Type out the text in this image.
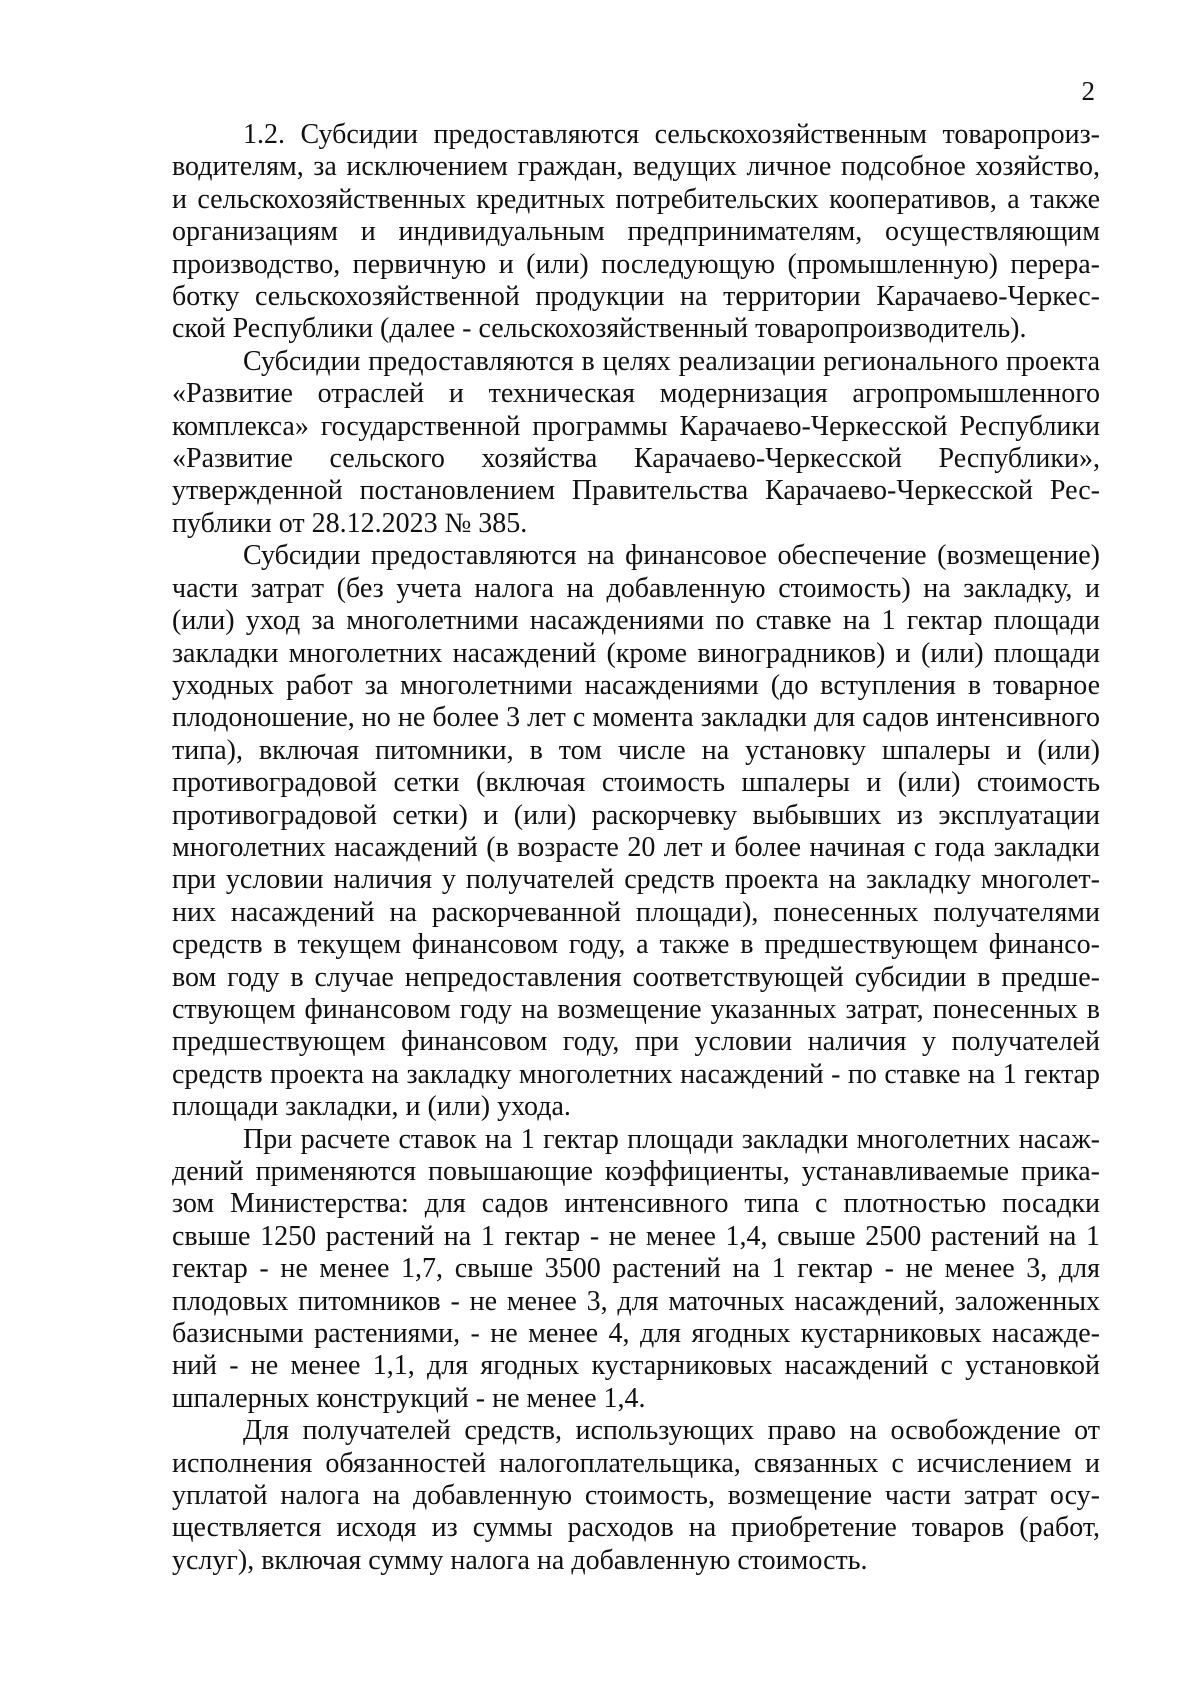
2

1.2. Субсидии предоставляются сельскохозяйственным товаропроизводителям, за исключением граждан, ведущих личное подсобное хозяйство, и сельскохозяйственных кредитных потребительских кооперативов, а также организациям и индивидуальным предпринимателям, осуществляющим производство, первичную и (или) последующую (промышленную) переработку сельскохозяйственной продукции на территории Карачаево-Черкесской Республики (далее - сельскохозяйственный товаропроизводитель).

Субсидии предоставляются в целях реализации регионального проекта «Развитие отраслей и техническая модернизация агропромышленного комплекса» государственной программы Карачаево-Черкесской Республики «Развитие сельского хозяйства Карачаево-Черкесской Республики», утвержденной постановлением Правительства Карачаево-Черкесской Республики от 28.12.2023 № 385.

Субсидии предоставляются на финансовое обеспечение (возмещение) части затрат (без учета налога на добавленную стоимость) на закладку, и (или) уход за многолетними насаждениями по ставке на 1 гектар площади закладки многолетних насаждений (кроме виноградников) и (или) площади уходных работ за многолетними насаждениями (до вступления в товарное плодоношение, но не более 3 лет с момента закладки для садов интенсивного типа), включая питомники, в том числе на установку шпалеры и (или) противоградовой сетки (включая стоимость шпалеры и (или) стоимость противоградовой сетки) и (или) раскорчевку выбывших из эксплуатации многолетних насаждений (в возрасте 20 лет и более начиная с года закладки при условии наличия у получателей средств проекта на закладку многолетних насаждений на раскорчеванной площади), понесенных получателями средств в текущем финансовом году, а также в предшествующем финансовом году в случае непредоставления соответствующей субсидии в предшествующем финансовом году на возмещение указанных затрат, понесенных в предшествующем финансовом году, при условии наличия у получателей средств проекта на закладку многолетних насаждений - по ставке на 1 гектар площади закладки, и (или) ухода.

При расчете ставок на 1 гектар площади закладки многолетних насаждений применяются повышающие коэффициенты, устанавливаемые приказом Министерства: для садов интенсивного типа с плотностью посадки свыше 1250 растений на 1 гектар - не менее 1,4, свыше 2500 растений на 1 гектар - не менее 1,7, свыше 3500 растений на 1 гектар - не менее 3, для плодовых питомников - не менее 3, для маточных насаждений, заложенных базисными растениями, - не менее 4, для ягодных кустарниковых насаждений - не менее 1,1, для ягодных кустарниковых насаждений с установкой шпалерных конструкций - не менее 1,4.

Для получателей средств, использующих право на освобождение от исполнения обязанностей налогоплательщика, связанных с исчислением и уплатой налога на добавленную стоимость, возмещение части затрат осуществляется исходя из суммы расходов на приобретение товаров (работ, услуг), включая сумму налога на добавленную стоимость.
